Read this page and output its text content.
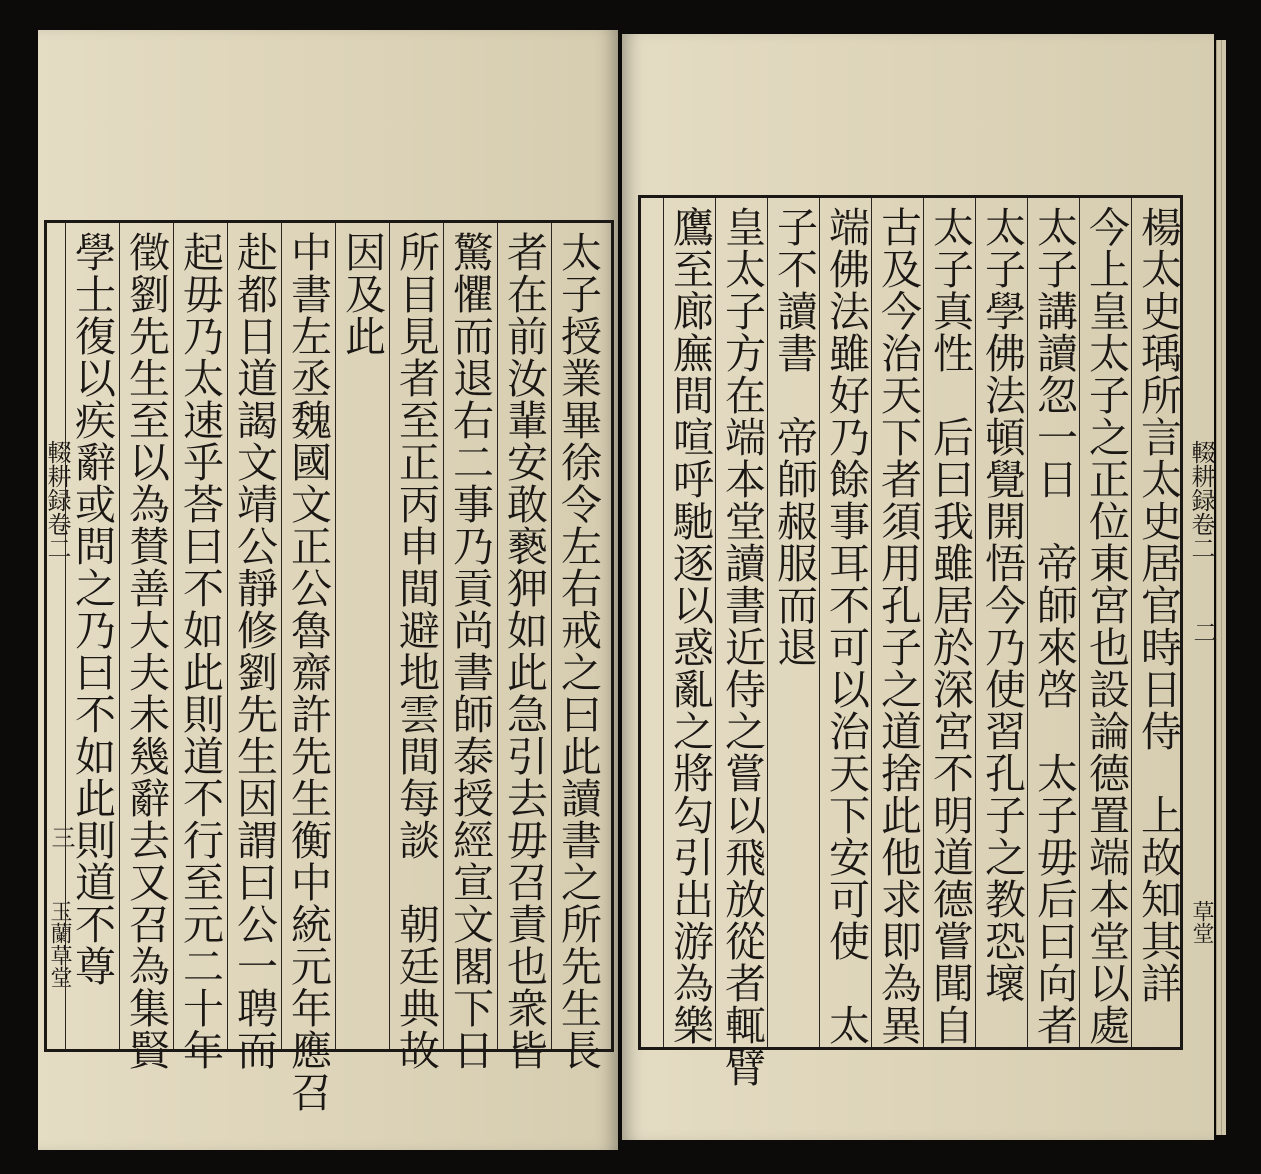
輟耕録卷二
三
玉蘭草堂
學士復以疾辭或問之乃曰不如此則道不尊 徵劉先生至以為賛善大夫未幾辭去又召為集賢 起毋乃太速乎荅曰不如此則道不行至元二十年 赴都日道謁文靖公靜修劉先生因謂曰公一聘而 中書左丞魏國文正公魯齋許先生衡中統元年應召 因及此 所目見者至正丙申間避地雲間每談　朝廷典故 驚懼而退右二事乃貢尚書師泰授經宣文閣下日 者在前汝輩安敢褻狎如此急引去毋召責也衆皆 太子授業畢徐令左右戒之曰此讀書之所先生長 鷹至廊廡間喧呼馳逐以惑亂之將勾引出游為樂 皇太子方在端本堂讀書近侍之嘗以飛放從者輒臂 子不讀書　帝師赧服而退 端佛法雖好乃餘事耳不可以治天下安可使　太 古及今治天下者須用孔子之道捨此他求即為異 太子真性　后曰我雖居於深宮不明道德嘗聞自 太子學佛法頓覺開悟今乃使習孔子之教恐壞 太子講讀忽一日　帝師來啓　太子毋后曰向者 今上皇太子之正位東宮也設論德置端本堂以處 楊太史瑀所言太史居官時日侍　上故知其詳 輟耕録卷二
二
草堂
